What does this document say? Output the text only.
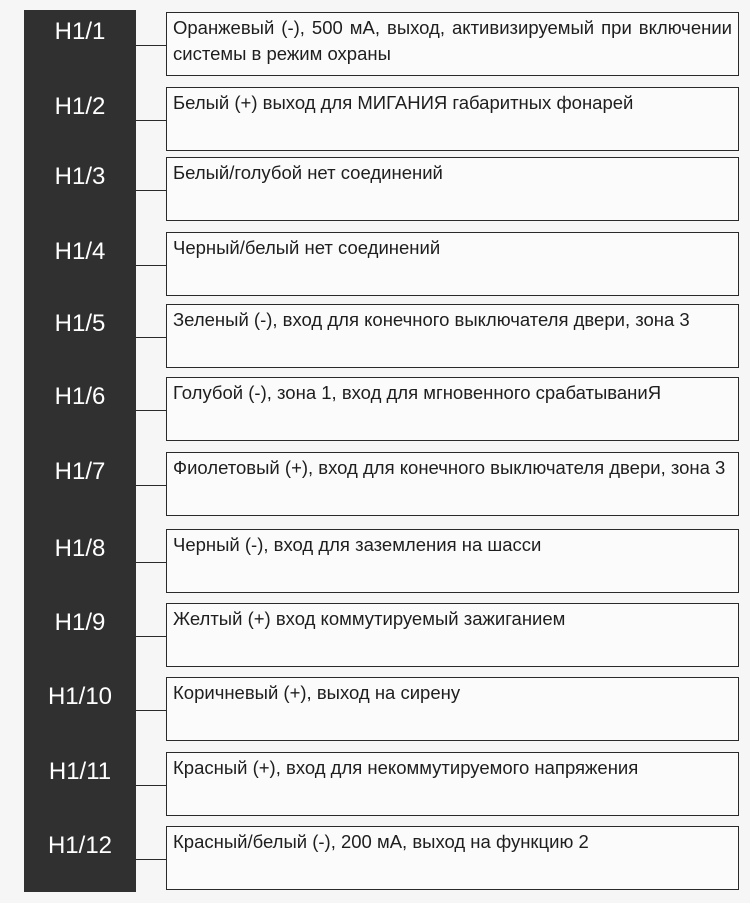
H1/1	Оранжевый (-), 500 мА, выход, активизируемый при включении системы в режим охраны
H1/2	Белый (+) выход для МИГАНИЯ габаритных фонарей
H1/3	Белый/голубой нет соединений
H1/4	Черный/белый нет соединений
H1/5	Зеленый (-), вход для конечного выключателя двери, зона 3
H1/6	Голубой (-), зона 1, вход для мгновенного срабатываниЯ
H1/7	Фиолетовый (+), вход для конечного выключателя двери, зона 3
H1/8	Черный (-), вход для заземления на шасси
H1/9	Желтый (+) вход коммутируемый зажиганием
H1/10	Коричневый (+), выход на сирену
H1/11	Красный (+), вход для некоммутируемого напряжения
H1/12	Красный/белый (-), 200 мА, выход на функцию 2
